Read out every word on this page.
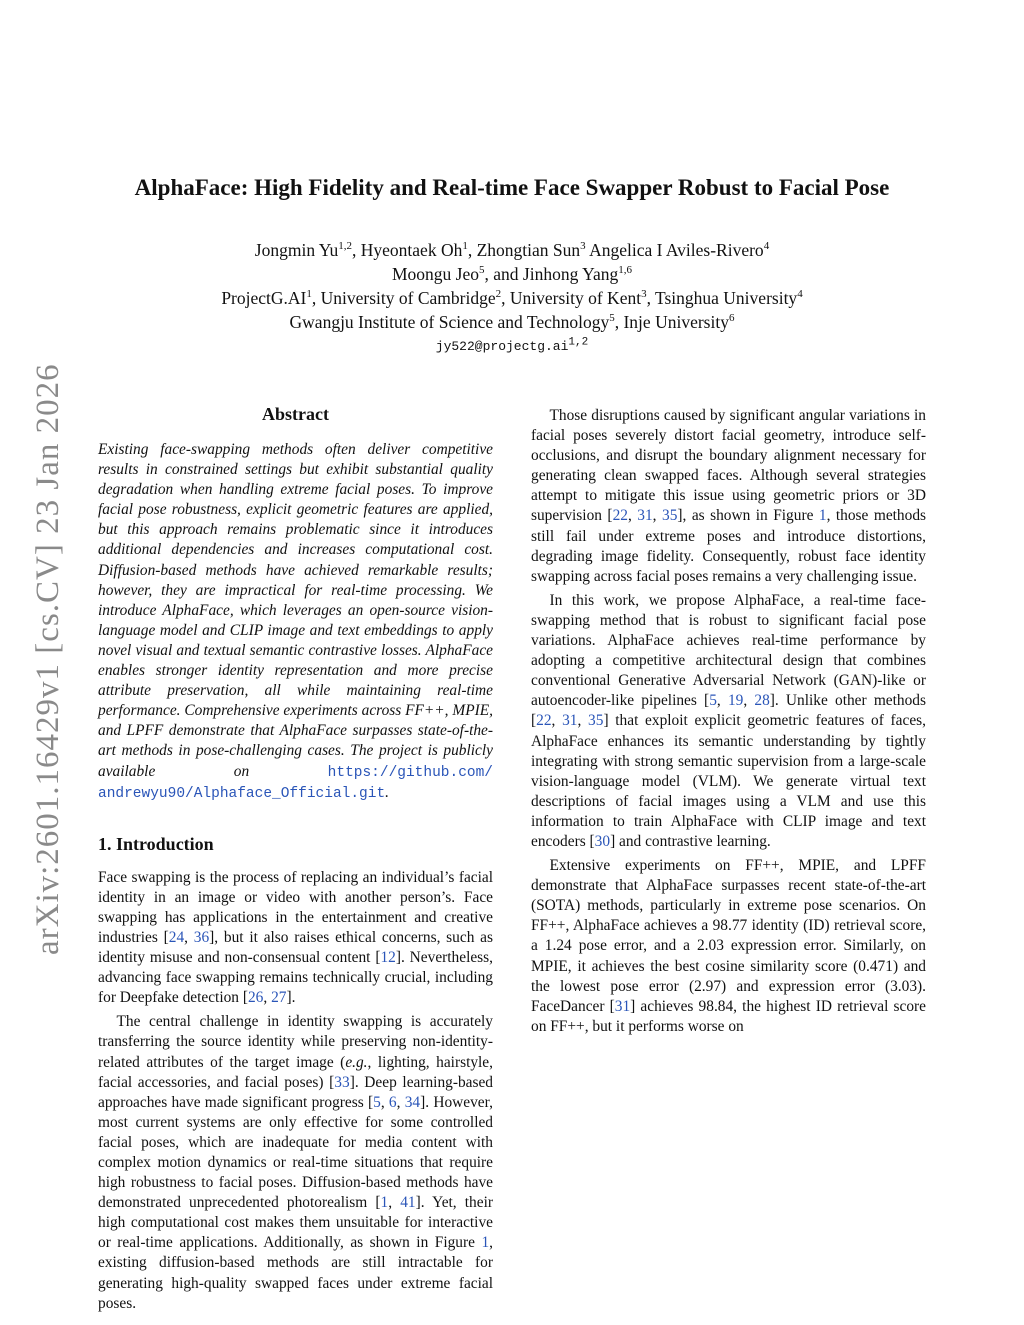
arXiv:2601.16429v1 [cs.CV] 23 Jan 2026
AlphaFace: High Fidelity and Real-time Face Swapper Robust to Facial Pose
Jongmin Yu$^{1,2}$, Hyeontaek Oh$^1$, Zhongtian Sun$^3$ Angelica I Aviles-Rivero$^4$
Moongu Jeo$^5$, and Jinhong Yang$^{1,6}$
$ProjectG.AI^1$, University of Cambridge$^2$, University of Kent$^3$, Tsinghua University$^4$
Gwangju Institute of Science and Technology$^5$, Inje University$^6$
jy522@projectg.ai$^{1,2}$
Abstract

Existing face-swapping methods often deliver competitive results in constrained settings but exhibit substantial quality degradation when handling extreme facial poses. To improve facial pose robustness, explicit geometric features are applied, but this approach remains problematic since it introduces additional dependencies and increases computational cost. Diffusion-based methods have achieved remarkable results; however, they are impractical for real-time processing. We introduce AlphaFace, which leverages an open-source vision-language model and CLIP image and text embeddings to apply novel visual and textual semantic contrastive losses. AlphaFace enables stronger identity representation and more precise attribute preservation, all while maintaining real-time performance. Comprehensive experiments across FF++, MPIE, and LPFF demonstrate that AlphaFace surpasses state-of-the-art methods in pose-challenging cases. The project is publicly available on https://github.com/andrewyu90/Alphaface_Official.git.

1. Introduction

Face swapping is the process of replacing an individual’s facial identity in an image or video with another person’s. Face swapping has applications in the entertainment and creative industries [24, 36], but it also raises ethical concerns, such as identity misuse and non-consensual content [12]. Nevertheless, advancing face swapping remains technically crucial, including for Deepfake detection [26, 27].

The central challenge in identity swapping is accurately transferring the source identity while preserving non-identity-related attributes of the target image (e.g., lighting, hairstyle, facial accessories, and facial poses) [33]. Deep learning-based approaches have made significant progress [5, 6, 34]. However, most current systems are only effective for some controlled facial poses, which are inadequate for media content with complex motion dynamics or real-time situations that require high robustness to facial poses. Diffusion-based methods have demonstrated unprecedented photorealism [1, 41]. Yet, their high computational cost makes them unsuitable for interactive or real-time applications. Additionally, as shown in Figure 1, existing diffusion-based methods are still intractable for generating high-quality swapped faces under extreme facial poses.

Those disruptions caused by significant angular variations in facial poses severely distort facial geometry, introduce self-occlusions, and disrupt the boundary alignment necessary for generating clean swapped faces. Although several strategies attempt to mitigate this issue using geometric priors or 3D supervision [22, 31, 35], as shown in Figure 1, those methods still fail under extreme poses and introduce distortions, degrading image fidelity. Consequently, robust face identity swapping across facial poses remains a very challenging issue.

In this work, we propose AlphaFace, a real-time face-swapping method that is robust to significant facial pose variations. AlphaFace achieves real-time performance by adopting a competitive architectural design that combines conventional Generative Adversarial Network (GAN)-like or autoencoder-like pipelines [5, 19, 28]. Unlike other methods [22, 31, 35] that exploit explicit geometric features of faces, AlphaFace enhances its semantic understanding by tightly integrating with strong semantic supervision from a large-scale vision-language model (VLM). We generate virtual text descriptions of facial images using a VLM and use this information to train AlphaFace with CLIP image and text encoders [30] and contrastive learning.

Extensive experiments on FF++, MPIE, and LPFF demonstrate that AlphaFace surpasses recent state-of-the-art (SOTA) methods, particularly in extreme pose scenarios. On FF++, AlphaFace achieves a 98.77 identity (ID) retrieval score, a 1.24 pose error, and a 2.03 expression error. Similarly, on MPIE, it achieves the best cosine similarity score (0.471) and the lowest pose error (2.97) and expression error (3.03). FaceDancer [31] achieves 98.84, the highest ID retrieval score on FF++, but it performs worse on
